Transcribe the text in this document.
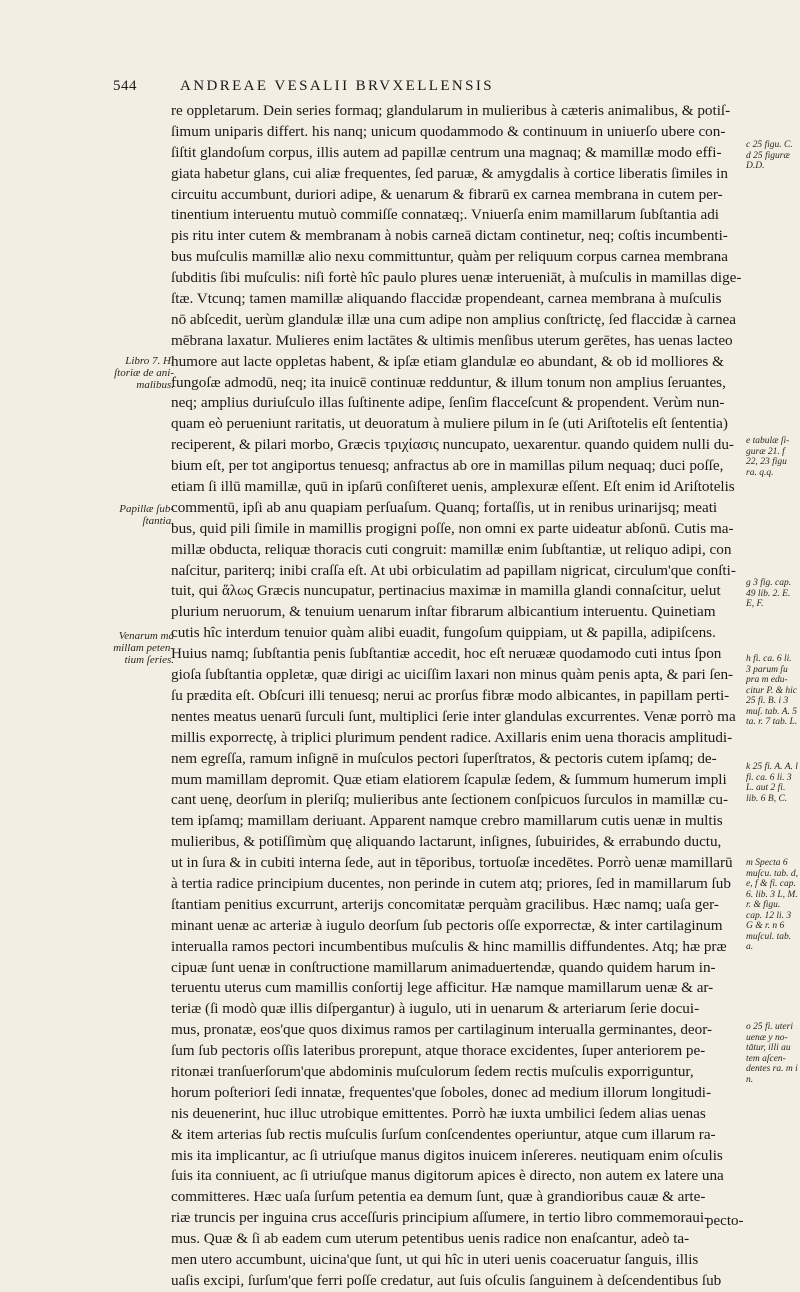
544	ANDREAE VESALII BRVXELLENSIS
re oppletarum. Dein series formaq; glandularum in mulieribus à cæteris animalibus, & potiſ-
ſimum uniparis differt. his nanq; unicum quodammodo & continuum in uniuerſo ubere con-
ſiſtit glandoſum corpus, illis autem ad papillæ centrum una magnaq; & mamillæ modo effi-
giata habetur glans, cui aliæ frequentes, ſed paruæ, & amygdalis à cortice liberatis ſimiles in
circuitu accumbunt, duriori adipe, & uenarum & fibrarū ex carnea membrana in cutem per-
tinentium interuentu mutuò commiſſe connatæq;. Vniuerſa enim mamillarum ſubſtantia adi
pis ritu inter cutem & membranam à nobis carneā dictam continetur, neq; coſtis incumbenti-
bus muſculis mamillæ alio nexu committuntur, quàm per reliquum corpus carnea membrana
ſubditis ſibi muſculis: niſi fortè hîc paulo plures uenæ interueniāt, à muſculis in mamillas dige-
ſtæ. Vtcunq; tamen mamillæ aliquando flaccidæ propendeant, carnea membrana à muſculis
nō abſcedit, uerùm glandulæ illæ una cum adipe non amplius conſtrictę, ſed flaccidæ à carnea
mēbrana laxatur. Mulieres enim lactātes & ultimis menſibus uterum gerētes, has uenas lacteo
humore aut lacte oppletas habent, & ipſæ etiam glandulæ eo abundant, & ob id molliores &
fungoſæ admodū, neq; ita inuicē continuæ redduntur, & illum tonum non amplius ſeruantes,
neq; amplius duriuſculo illas ſuſtinente adipe, ſenſim flacceſcunt & propendent. Verùm nun-
quam eò perueniunt raritatis, ut deuoratum à muliere pilum in ſe (uti Ariſtotelis eſt ſententia)
reciperent, & pilari morbo, Græcis τριχίασις nuncupato, uexarentur. quando quidem nulli du-
bium eſt, per tot angiportus tenuesq; anfractus ab ore in mamillas pilum nequaq; duci poſſe,
etiam ſi illū mamillæ, quū in ipſarū conſiſteret uenis, amplexuræ eſſent. Eſt enim id Ariſtotelis
commentū, ipſi ab anu quapiam perſuaſum. Quanq; fortaſſis, ut in renibus urinarijsq; meati
bus, quid pili ſimile in mamillis progigni poſſe, non omni ex parte uideatur abſonū. Cutis ma-
millæ obducta, reliquæ thoracis cuti congruit: mamillæ enim ſubſtantiæ, ut reliquo adipi, con
naſcitur, pariterq; inibi craſſa eſt. At ubi orbiculatim ad papillam nigricat, circulum'que conſti-
tuit, qui ἅλως Græcis nuncupatur, pertinacius maximæ in mamilla glandi connaſcitur, uelut
plurium neruorum, & tenuium uenarum inſtar fibrarum albicantium interuentu. Quinetiam
cutis hîc interdum tenuior quàm alibi euadit, fungoſum quippiam, ut & papilla, adipiſcens.
Huius namq; ſubſtantia penis ſubſtantiæ accedit, hoc eſt neruææ quodamodo cuti intus ſpon
gioſa ſubſtantia oppletæ, quæ dirigi ac uiciſſim laxari non minus quàm penis apta, & pari ſen-
ſu prædita eſt. Obſcuri illi tenuesq; nerui ac prorſus fibræ modo albicantes, in papillam perti-
nentes meatus uenarū ſurculi ſunt, multiplici ſerie inter glandulas excurrentes. Venæ porrò ma
millis exporrectę, à triplici plurimum pendent radice. Axillaris enim uena thoracis amplitudi-
nem egreſſa, ramum inſignē in muſculos pectori ſuperſtratos, & pectoris cutem ipſamq; de-
mum mamillam depromit. Quæ etiam elatiorem ſcapulæ ſedem, & ſummum humerum impli
cant uenę, deorſum in pleriſq; mulieribus ante ſectionem conſpicuos ſurculos in mamillæ cu-
tem ipſamq; mamillam deriuant. Apparent namque crebro mamillarum cutis uenæ in multis
mulieribus, & potiſſimùm quę aliquando lactarunt, inſignes, ſubuirides, & errabundo ductu,
ut in ſura & in cubiti interna ſede, aut in tēporibus, tortuoſæ incedētes. Porrò uenæ mamillarū
à tertia radice principium ducentes, non perinde in cutem atq; priores, ſed in mamillarum ſub
ſtantiam penitius excurrunt, arterijs concomitatæ perquàm gracilibus. Hæc namq; uaſa ger-
minant uenæ ac arteriæ à iugulo deorſum ſub pectoris oſſe exporrectæ, & inter cartilaginum
interualla ramos pectori incumbentibus muſculis & hinc mamillis diffundentes. Atq; hæ præ
cipuæ ſunt uenæ in conſtructione mamillarum animaduertendæ, quando quidem harum in-
teruentu uterus cum mamillis conſortij lege afficitur. Hæ namque mamillarum uenæ & ar-
teriæ (ſi modò quæ illis diſpergantur) à iugulo, uti in uenarum & arteriarum ſerie docui-
mus, pronatæ, eos'que quos diximus ramos per cartilaginum interualla germinantes, deor-
ſum ſub pectoris oſſis lateribus prorepunt, atque thorace excidentes, ſuper anteriorem pe-
ritonæi tranſuerſorum'que abdominis muſculorum ſedem rectis muſculis exporriguntur,
horum poſteriori ſedi innatæ, frequentes'que ſoboles, donec ad medium illorum longitudi-
nis deuenerint, huc illuc utrobique emittentes. Porrò hæ iuxta umbilici ſedem alias uenas
& item arterias ſub rectis muſculis ſurſum conſcendentes operiuntur, atque cum illarum ra-
mis ita implicantur, ac ſi utriuſque manus digitos inuicem inſereres. neutiquam enim oſculis
ſuis ita conniuent, ac ſi utriuſque manus digitorum apices è directo, non autem ex latere una
committeres. Hæc uaſa ſurſum petentia ea demum ſunt, quæ à grandioribus cauæ & arte-
riæ truncis per inguina crus acceſſuris principium aſſumere, in tertio libro commemoraui-
mus. Quæ & ſi ab eadem cum uterum petentibus uenis radice non enaſcantur, adeò ta-
men utero accumbunt, uicina'que ſunt, ut qui hîc in uteri uenis coaceruatur ſanguis, illis
uaſis excipi, ſurſum'que ferri poſſe credatur, aut ſuis oſculis ſanguinem à deſcendentibus ſub
Libro 7. Hi ſtoriæ de ani- malibus.
Papillæ ſub- ſtantia.
Venarum ma millam peten- tium ſeries.
c 25 figu. C. d 25 figuræ D.D.
e tabulæ ſi- guræ 21. f 22, 23 figu ra. q.q.
g 3 fig. cap. 49 lib. 2. E. E, F.
h fi. ca. 6 li. 3 parum ſu pra m edu- citur P. & hic 25 fi. B. i 3 muſ. tab. A. 5 ta. r. 7 tab. L.
k 25 fi. A. A. l fi. ca. 6 li. 3 L. aut 2 fi. lib. 6 B, C.
m Specta 6 muſcu. tab. d, e, f & fi. cap. 6. lib. 3 L, M. r. & figu. cap. 12 li. 3 G & r. n 6 muſcul. tab. a.
o 25 fi. uteri uenæ y no- tātur, illi au tem aſcen- dentes ra. m i n.
pecto-
